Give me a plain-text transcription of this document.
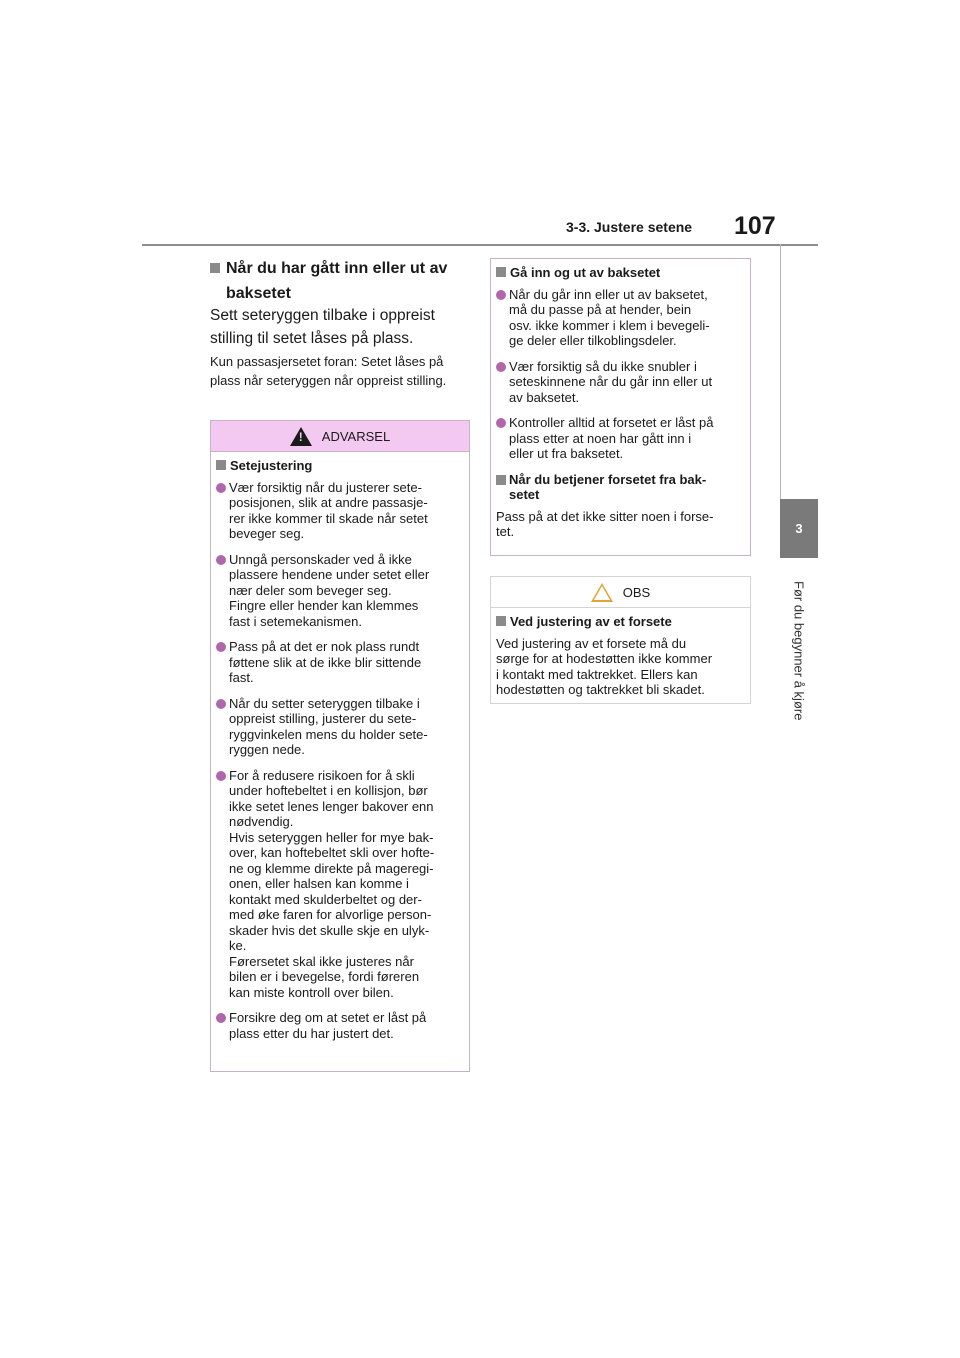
3-3. Justere setene 107
3
Før du begynner å kjøre
Når du har gått inn eller ut av baksetet
Sett seteryggen tilbake i oppreist stilling til setet låses på plass.
Kun passasjersetet foran: Setet låses på plass når seteryggen når oppreist stilling.
!
ADVARSEL
Setejustering
Vær forsiktig når du justerer sete-
posisjonen, slik at andre passasje-
rer ikke kommer til skade når setet
beveger seg.
Unngå personskader ved å ikke
plassere hendene under setet eller
nær deler som beveger seg.
Fingre eller hender kan klemmes
fast i setemekanismen.
Pass på at det er nok plass rundt
føttene slik at de ikke blir sittende
fast.
Når du setter seteryggen tilbake i
oppreist stilling, justerer du sete-
ryggvinkelen mens du holder sete-
ryggen nede.
For å redusere risikoen for å skli
under hoftebeltet i en kollisjon, bør
ikke setet lenes lenger bakover enn
nødvendig.
Hvis seteryggen heller for mye bak-
over, kan hoftebeltet skli over hofte-
ne og klemme direkte på mageregi-
onen, eller halsen kan komme i
kontakt med skulderbeltet og der-
med øke faren for alvorlige person-
skader hvis det skulle skje en ulyk-
ke.
Førersetet skal ikke justeres når
bilen er i bevegelse, fordi føreren
kan miste kontroll over bilen.
Forsikre deg om at setet er låst på
plass etter du har justert det.
Gå inn og ut av baksetet
Når du går inn eller ut av baksetet,
må du passe på at hender, bein
osv. ikke kommer i klem i bevegeli-
ge deler eller tilkoblingsdeler.
Vær forsiktig så du ikke snubler i
seteskinnene når du går inn eller ut
av baksetet.
Kontroller alltid at forsetet er låst på
plass etter at noen har gått inn i
eller ut fra baksetet.
Når du betjener forsetet fra bak-
setet
Pass på at det ikke sitter noen i forse-
tet.
OBS
Ved justering av et forsete
Ved justering av et forsete må du
sørge for at hodestøtten ikke kommer
i kontakt med taktrekket. Ellers kan
hodestøtten og taktrekket bli skadet.
